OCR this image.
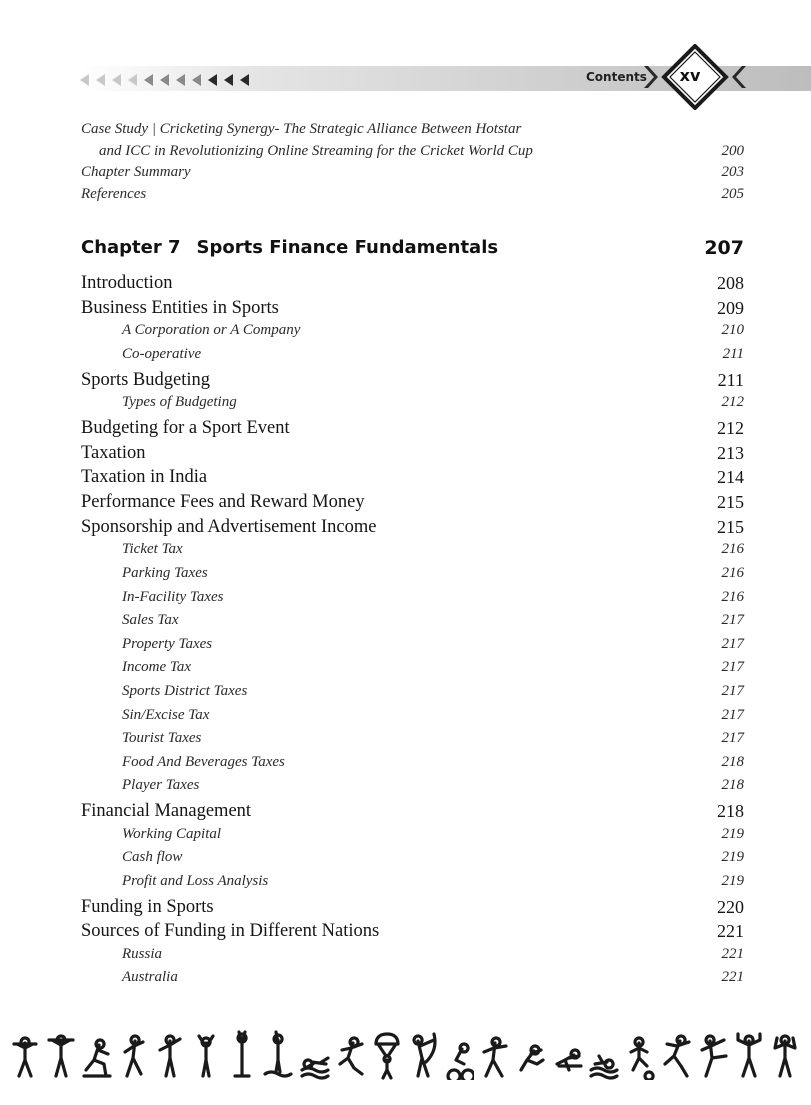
Contents	xv
Case Study | Cricketing Synergy- The Strategic Alliance Between Hotstar
and ICC in Revolutionizing Online Streaming for the Cricket World Cup	200
Chapter Summary	203
References	205
Chapter 7 Sports Finance Fundamentals	207
Introduction	208
Business Entities in Sports	209
A Corporation or A Company	210
Co-operative	211
Sports Budgeting	211
Types of Budgeting	212
Budgeting for a Sport Event	212
Taxation	213
Taxation in India	214
Performance Fees and Reward Money	215
Sponsorship and Advertisement Income	215
Ticket Tax	216
Parking Taxes	216
In-Facility Taxes	216
Sales Tax	217
Property Taxes	217
Income Tax	217
Sports District Taxes	217
Sin/Excise Tax	217
Tourist Taxes	217
Food And Beverages Taxes	218
Player Taxes	218
Financial Management	218
Working Capital	219
Cash flow	219
Profit and Loss Analysis	219
Funding in Sports	220
Sources of Funding in Different Nations	221
Russia	221
Australia	221
